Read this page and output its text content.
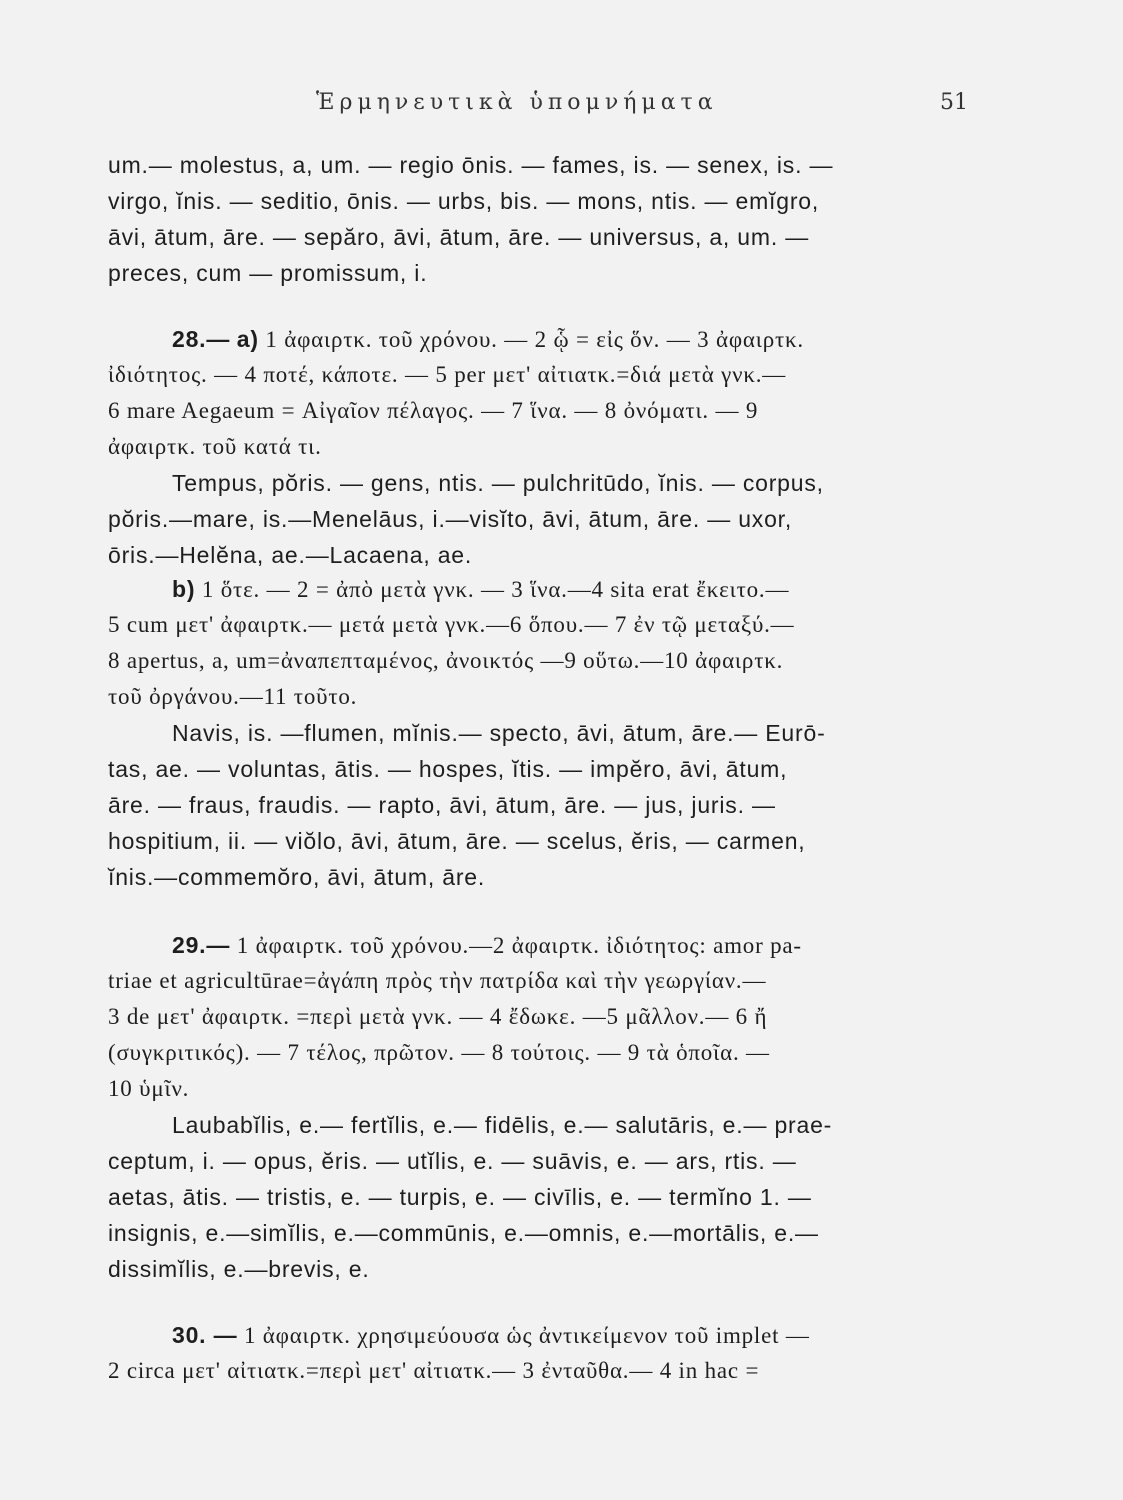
Ἑρμηνευτικὰ ὑπομνήματα	51
um.— molestus, a, um. — regio ōnis. — fames, is. — senex, is. —
virgo, ĭnis. — seditio, ōnis. — urbs, bis. — mons, ntis. — emĭgro,
āvi, ātum, āre. — sepăro, āvi, ātum, āre. — universus, a, um. —
preces, cum — promissum, i.
28.— a) 1 ἀφαιρτκ. τοῦ χρόνου. — 2 ᾧ = εἰς ὅν. — 3 ἀφαιρτκ.
ἰδιότητος. — 4 ποτέ, κάποτε. — 5 per μετ' αἰτιατκ.=διά μετὰ γνκ.—
6 mare Aegaeum = Αἰγαῖον πέλαγος. — 7 ἵνα. — 8 ὀνόματι. — 9
ἀφαιρτκ. τοῦ κατά τι.
Tempus, pŏris. — gens, ntis. — pulchritūdo, ĭnis. — corpus,
pŏris.—mare, is.—Menelāus, i.—visĭto, āvi, ātum, āre. — uxor,
ōris.—Helĕna, ae.—Lacaena, ae.
b) 1 ὅτε. — 2 = ἀπὸ μετὰ γνκ. — 3 ἵνα.—4 sita erat ἔκειτο.—
5 cum μετ' ἀφαιρτκ.— μετά μετὰ γνκ.—6 ὅπου.— 7 ἐν τῷ μεταξύ.—
8 apertus, a, um=ἀναπεπταμένος, ἀνοικτός —9 οὕτω.—10 ἀφαιρτκ.
τοῦ ὀργάνου.—11 τοῦτο.
Navis, is. —flumen, mĭnis.— specto, āvi, ātum, āre.— Eurō-
tas, ae. — voluntas, ātis. — hospes, ĭtis. — impĕro, āvi, ātum,
āre. — fraus, fraudis. — rapto, āvi, ātum, āre. — jus, juris. —
hospitium, ii. — viŏlo, āvi, ātum, āre. — scelus, ĕris, — carmen,
ĭnis.—commemŏro, āvi, ātum, āre.
29.— 1 ἀφαιρτκ. τοῦ χρόνου.—2 ἀφαιρτκ. ἰδιότητος: amor pa-
triae et agricultūrae=ἀγάπη πρὸς τὴν πατρίδα καὶ τὴν γεωργίαν.—
3 de μετ' ἀφαιρτκ. =περὶ μετὰ γνκ. — 4 ἔδωκε. —5 μᾶλλον.— 6 ἤ
(συγκριτικός). — 7 τέλος, πρῶτον. — 8 τούτοις. — 9 τὰ ὁποῖα. —
10 ὑμῖν.
Laubabĭlis, e.— fertĭlis, e.— fidēlis, e.— salutāris, e.— prae-
ceptum, i. — opus, ĕris. — utĭlis, e. — suāvis, e. — ars, rtis. —
aetas, ātis. — tristis, e. — turpis, e. — civīlis, e. — termĭno 1. —
insignis, e.—simĭlis, e.—commūnis, e.—omnis, e.—mortālis, e.—
dissimĭlis, e.—brevis, e.
30. — 1 ἀφαιρτκ. χρησιμεύουσα ὡς ἀντικείμενον τοῦ implet —
2 circa μετ' αἰτιατκ.=περὶ μετ' αἰτιατκ.— 3 ἐνταῦθα.— 4 in hac =
